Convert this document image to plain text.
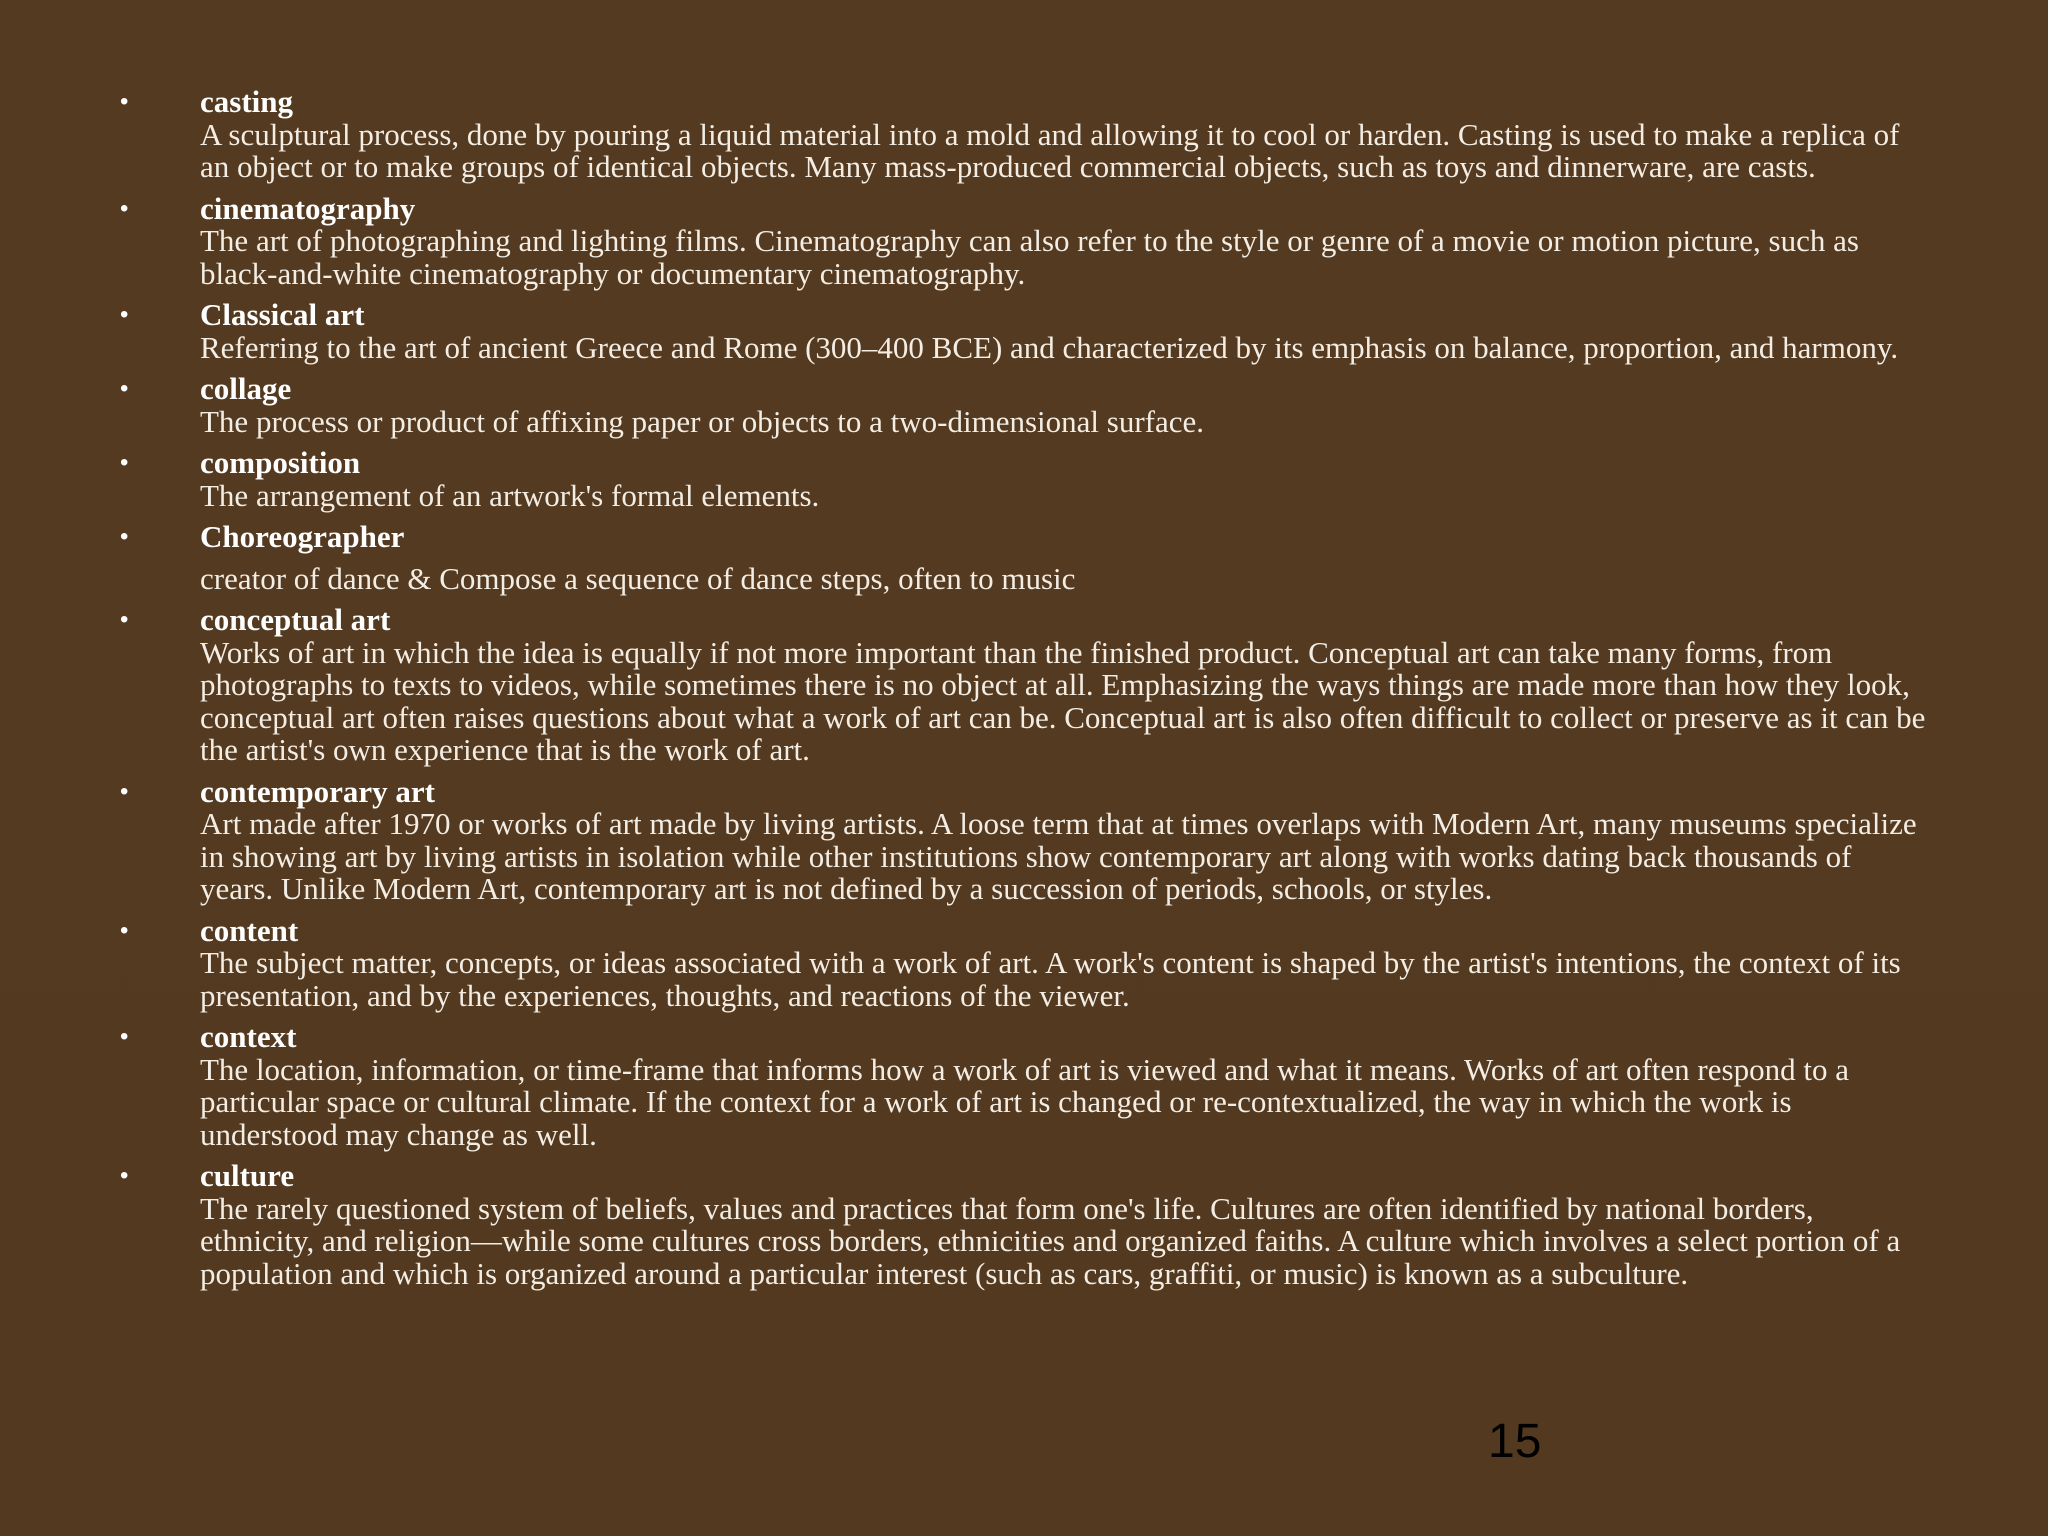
•	casting
A sculptural process, done by pouring a liquid material into a mold and allowing it to cool or harden. Casting is used to make a replica of an object or to make groups of identical objects. Many mass-produced commercial objects, such as toys and dinnerware, are casts.
•	cinematography
The art of photographing and lighting films. Cinematography can also refer to the style or genre of a movie or motion picture, such as black-and-white cinematography or documentary cinematography.
•	Classical art
Referring to the art of ancient Greece and Rome (300–400 BCE) and characterized by its emphasis on balance, proportion, and harmony.
•	collage
The process or product of affixing paper or objects to a two-dimensional surface.
•	composition
The arrangement of an artwork's formal elements.
•	Choreographer
creator of dance & Compose a sequence of dance steps, often to music
•	conceptual art
Works of art in which the idea is equally if not more important than the finished product. Conceptual art can take many forms, from photographs to texts to videos, while sometimes there is no object at all. Emphasizing the ways things are made more than how they look, conceptual art often raises questions about what a work of art can be. Conceptual art is also often difficult to collect or preserve as it can be the artist's own experience that is the work of art.
•	contemporary art
Art made after 1970 or works of art made by living artists. A loose term that at times overlaps with Modern Art, many museums specialize in showing art by living artists in isolation while other institutions show contemporary art along with works dating back thousands of years. Unlike Modern Art, contemporary art is not defined by a succession of periods, schools, or styles.
•	content
The subject matter, concepts, or ideas associated with a work of art. A work's content is shaped by the artist's intentions, the context of its presentation, and by the experiences, thoughts, and reactions of the viewer.
•	context
The location, information, or time-frame that informs how a work of art is viewed and what it means. Works of art often respond to a particular space or cultural climate. If the context for a work of art is changed or re-contextualized, the way in which the work is understood may change as well.
•	culture
The rarely questioned system of beliefs, values and practices that form one's life. Cultures are often identified by national borders, ethnicity, and religion—while some cultures cross borders, ethnicities and organized faiths. A culture which involves a select portion of a population and which is organized around a particular interest (such as cars, graffiti, or music) is known as a subculture.
15
